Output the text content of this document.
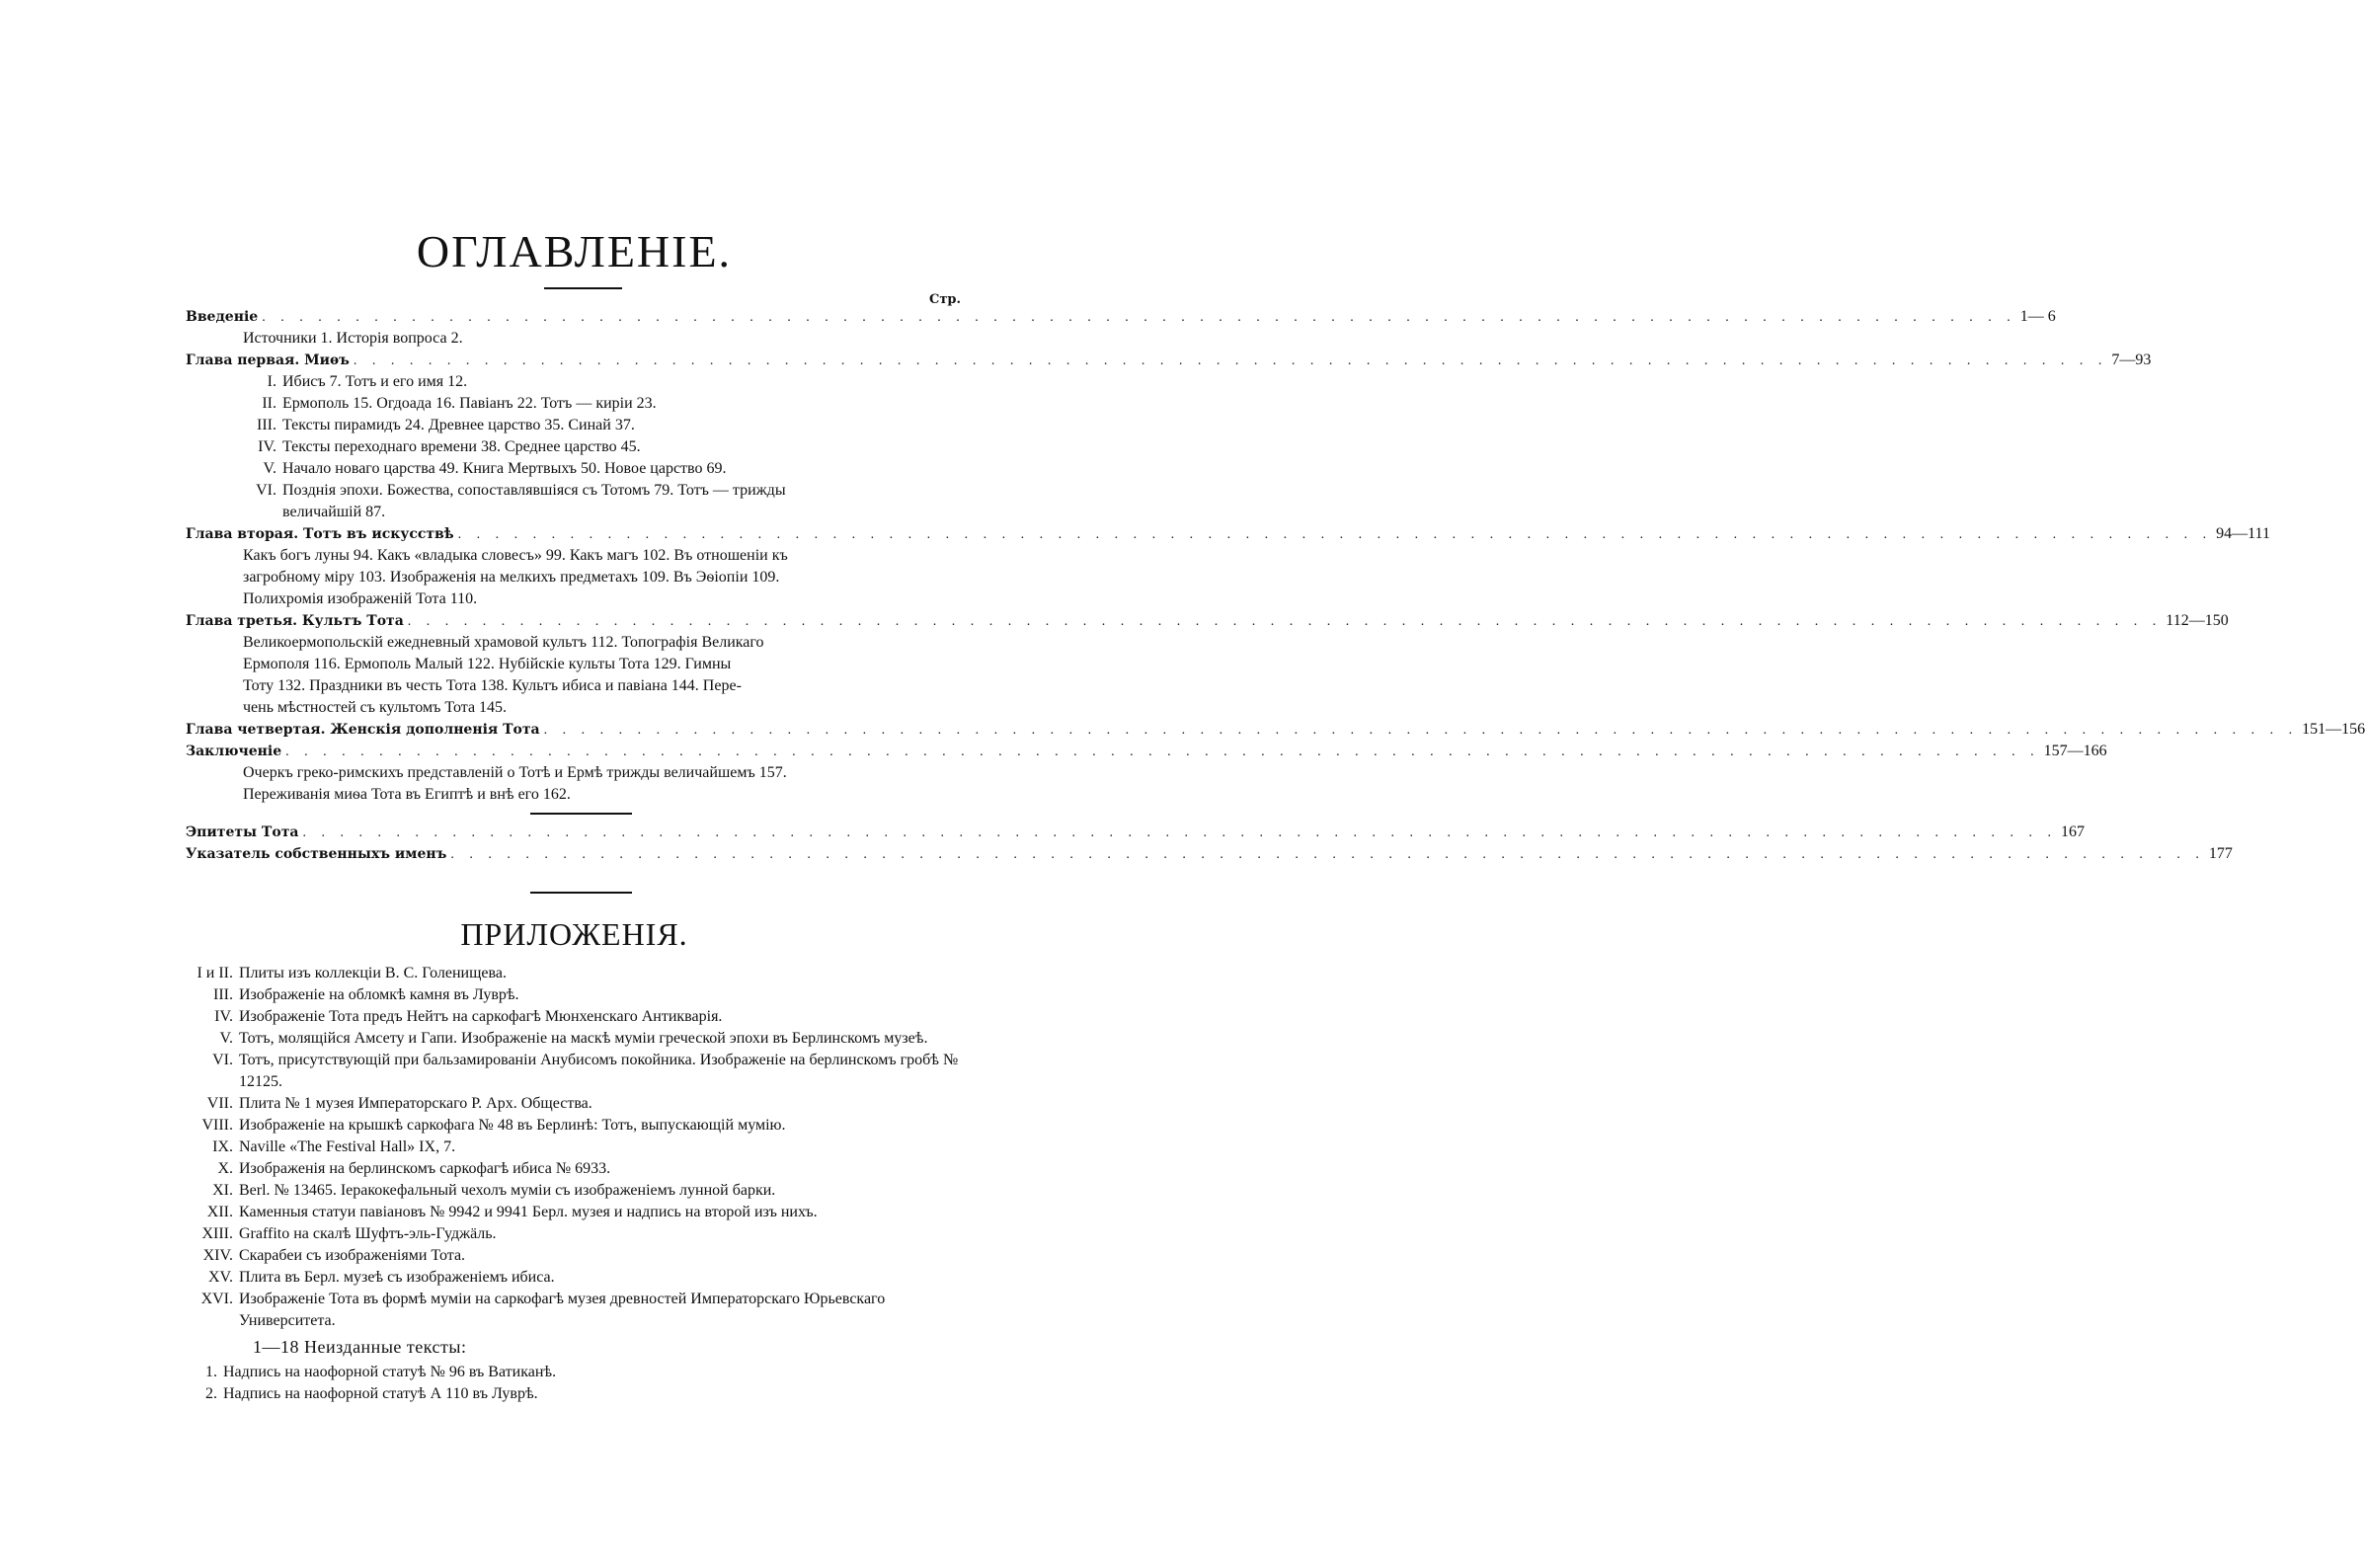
ОГЛАВЛЕНІЕ.
Стр.
Введеніе . . . . . . . . . . . . . . . . . . . . . . . . . . . . . . . . . . . . . . . . . . . . . . . . . . . . . . . . . . . . . . . . . . . . . . . . . . . . . . . . . . . . . . . . . . . . . . 1— 6
Источники 1. Исторія вопроса 2.
Глава первая. Миѳъ . . . . . . . . . . . . . . . . . . . . . . . . . . . . . . . . . . . . . . . . . . . . . . . . . . . . . . . . . . . . . . . . . . . . . . . . . . . . . . . . . . . . . . . . . . . . . . 7—93
I. Ибисъ 7. Тотъ и его имя 12.
II. Ермополь 15. Огдоада 16. Павіанъ 22. Тотъ — киріи 23.
III. Тексты пирамидъ 24. Древнее царство 35. Синай 37.
IV. Тексты переходнаго времени 38. Среднее царство 45.
V. Начало новаго царства 49. Книга Мертвыхъ 50. Новое царство 69.
VI. Позднія эпохи. Божества, сопоставлявшіяся съ Тотомъ 79. Тотъ — трижды
величайшій 87.
Глава вторая. Тотъ въ искусствѣ . . . . . . . . . . . . . . . . . . . . . . . . . . . . . . . . . . . . . . . . . . . . . . . . . . . . . . . . . . . . . . . . . . . . . . . . . . . . . . . . . . . . . . . . . . . . . . 94—111
Какъ богъ луны 94. Какъ «владыка словесъ» 99. Какъ магъ 102. Въ отношеніи къ
загробному міру 103. Изображенія на мелкихъ предметахъ 109. Въ Эѳіопіи 109.
Полихромія изображеній Тота 110.
Глава третья. Культъ Тота . . . . . . . . . . . . . . . . . . . . . . . . . . . . . . . . . . . . . . . . . . . . . . . . . . . . . . . . . . . . . . . . . . . . . . . . . . . . . . . . . . . . . . . . . . . . . . 112—150
Великоермопольскій ежедневный храмовой культъ 112. Топографія Великаго
Ермополя 116. Ермополь Малый 122. Нубійскіе культы Тота 129. Гимны
Тоту 132. Праздники въ честь Тота 138. Культъ ибиса и павіана 144. Пере-
чень мѣстностей съ культомъ Тота 145.
Глава четвертая. Женскія дополненія Тота . . . . . . . . . . . . . . . . . . . . . . . . . . . . . . . . . . . . . . . . . . . . . . . . . . . . . . . . . . . . . . . . . . . . . . . . . . . . . . . . . . . . . . . . . . . . . . 151—156
Заключеніе . . . . . . . . . . . . . . . . . . . . . . . . . . . . . . . . . . . . . . . . . . . . . . . . . . . . . . . . . . . . . . . . . . . . . . . . . . . . . . . . . . . . . . . . . . . . . . 157—166
Очеркъ греко-римскихъ представленій о Тотѣ и Ермѣ трижды величайшемъ 157.
Переживанія миѳа Тота въ Египтѣ и внѣ его 162.
Эпитеты Тота . . . . . . . . . . . . . . . . . . . . . . . . . . . . . . . . . . . . . . . . . . . . . . . . . . . . . . . . . . . . . . . . . . . . . . . . . . . . . . . . . . . . . . . . . . . . . . 167
Указатель собственныхъ именъ . . . . . . . . . . . . . . . . . . . . . . . . . . . . . . . . . . . . . . . . . . . . . . . . . . . . . . . . . . . . . . . . . . . . . . . . . . . . . . . . . . . . . . . . . . . . . . 177
ПРИЛОЖЕНІЯ.
I и II. Плиты изъ коллекціи В. С. Голенищева.
III. Изображеніе на обломкѣ камня въ Луврѣ.
IV. Изображеніе Тота предъ Нейтъ на саркофагѣ Мюнхенскаго Антикварія.
V. Тотъ, молящійся Амсету и Гапи. Изображеніе на маскѣ муміи греческой эпохи въ Берлинскомъ музеѣ.
VI. Тотъ, присутствующій при бальзамированіи Анубисомъ покойника. Изображеніе на берлинскомъ гробѣ № 12125.
VII. Плита № 1 музея Императорскаго Р. Арх. Общества.
VIII. Изображеніе на крышкѣ саркофага № 48 въ Берлинѣ: Тотъ, выпускающій мумію.
IX. Naville «The Festival Hall» IX, 7.
X. Изображенія на берлинскомъ саркофагѣ ибиса № 6933.
XI. Berl. № 13465. Іеракокефальный чехолъ муміи съ изображеніемъ лунной барки.
XII. Каменныя статуи павіановъ № 9942 и 9941 Берл. музея и надпись на второй изъ нихъ.
XIII. Graffito на скалѣ Шуфтъ-эль-Гуджäль.
XIV. Скарабеи съ изображеніями Тота.
XV. Плита въ Берл. музеѣ съ изображеніемъ ибиса.
XVI. Изображеніе Тота въ формѣ муміи на саркофагѣ музея древностей Императорскаго Юрьевскаго Университета.
1—18 Неизданные тексты:
1. Надпись на наофорной статуѣ № 96 въ Ватиканѣ.
2. Надпись на наофорной статуѣ А 110 въ Луврѣ.
